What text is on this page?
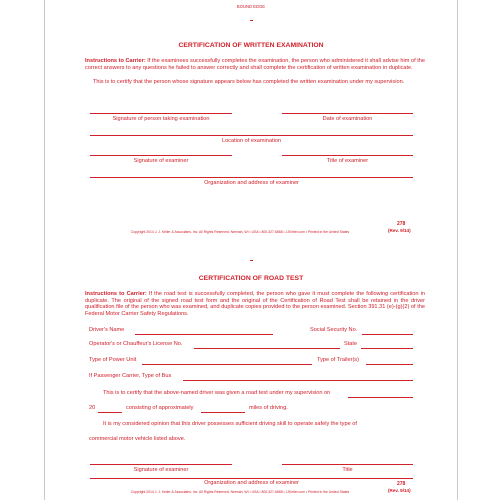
BOUND EDGE
CERTIFICATION OF WRITTEN EXAMINATION
Instructions to Carrier: If the examinees successfully completes the examination, the person who administered it shall advise him of the correct answers to any questions he failed to answer correctly and shall complete the certification of written examination in duplicate.
This is to certify that the person whose signature appears below has completed the written examination under my supervision.
Signature of person taking examination	Date of examination
Location of examination
Signature of examiner	Title of examiner
Organization and address of examiner
278
Copyright 2014 J. J. Keller & Associates, Inc. All Rights Reserved. Neenah, WI • USA • 800-327-6868 • JJKeller.com • Printed in the United States	(Rev. 9/14)
CERTIFICATION OF ROAD TEST
Instructions to Carrier: If the road test is successfully completed, the person who gave it must complete the following certification in duplicate. The original of the signed road test form and the original of the Certification of Road Test shall be retained in the driver qualification file of the person who was examined, and duplicate copies provided to the person examined. Section 391.31 (e)-(g)(2) of the Federal Motor Carrier Safety Regulations.
Driver's Name	Social Security No.
Operator's or Chauffeur's License No.	State
Type of Power Unit	Type of Trailer(s)
If Passenger Carrier, Type of Bus
This is to certify that the above-named driver was given a road test under my supervision on
20	consisting of approximately	miles of driving.
It is my considered opinion that this driver possesses sufficient driving skill to operate safely the type of
commercial motor vehicle listed above.
Signature of examiner	Title
Organization and address of examiner	278
Copyright 2014 J. J. Keller & Associates, Inc. All Rights Reserved. Neenah, WI • USA • 800-327-6868 • JJKeller.com • Printed in the United States	(Rev. 9/14)
